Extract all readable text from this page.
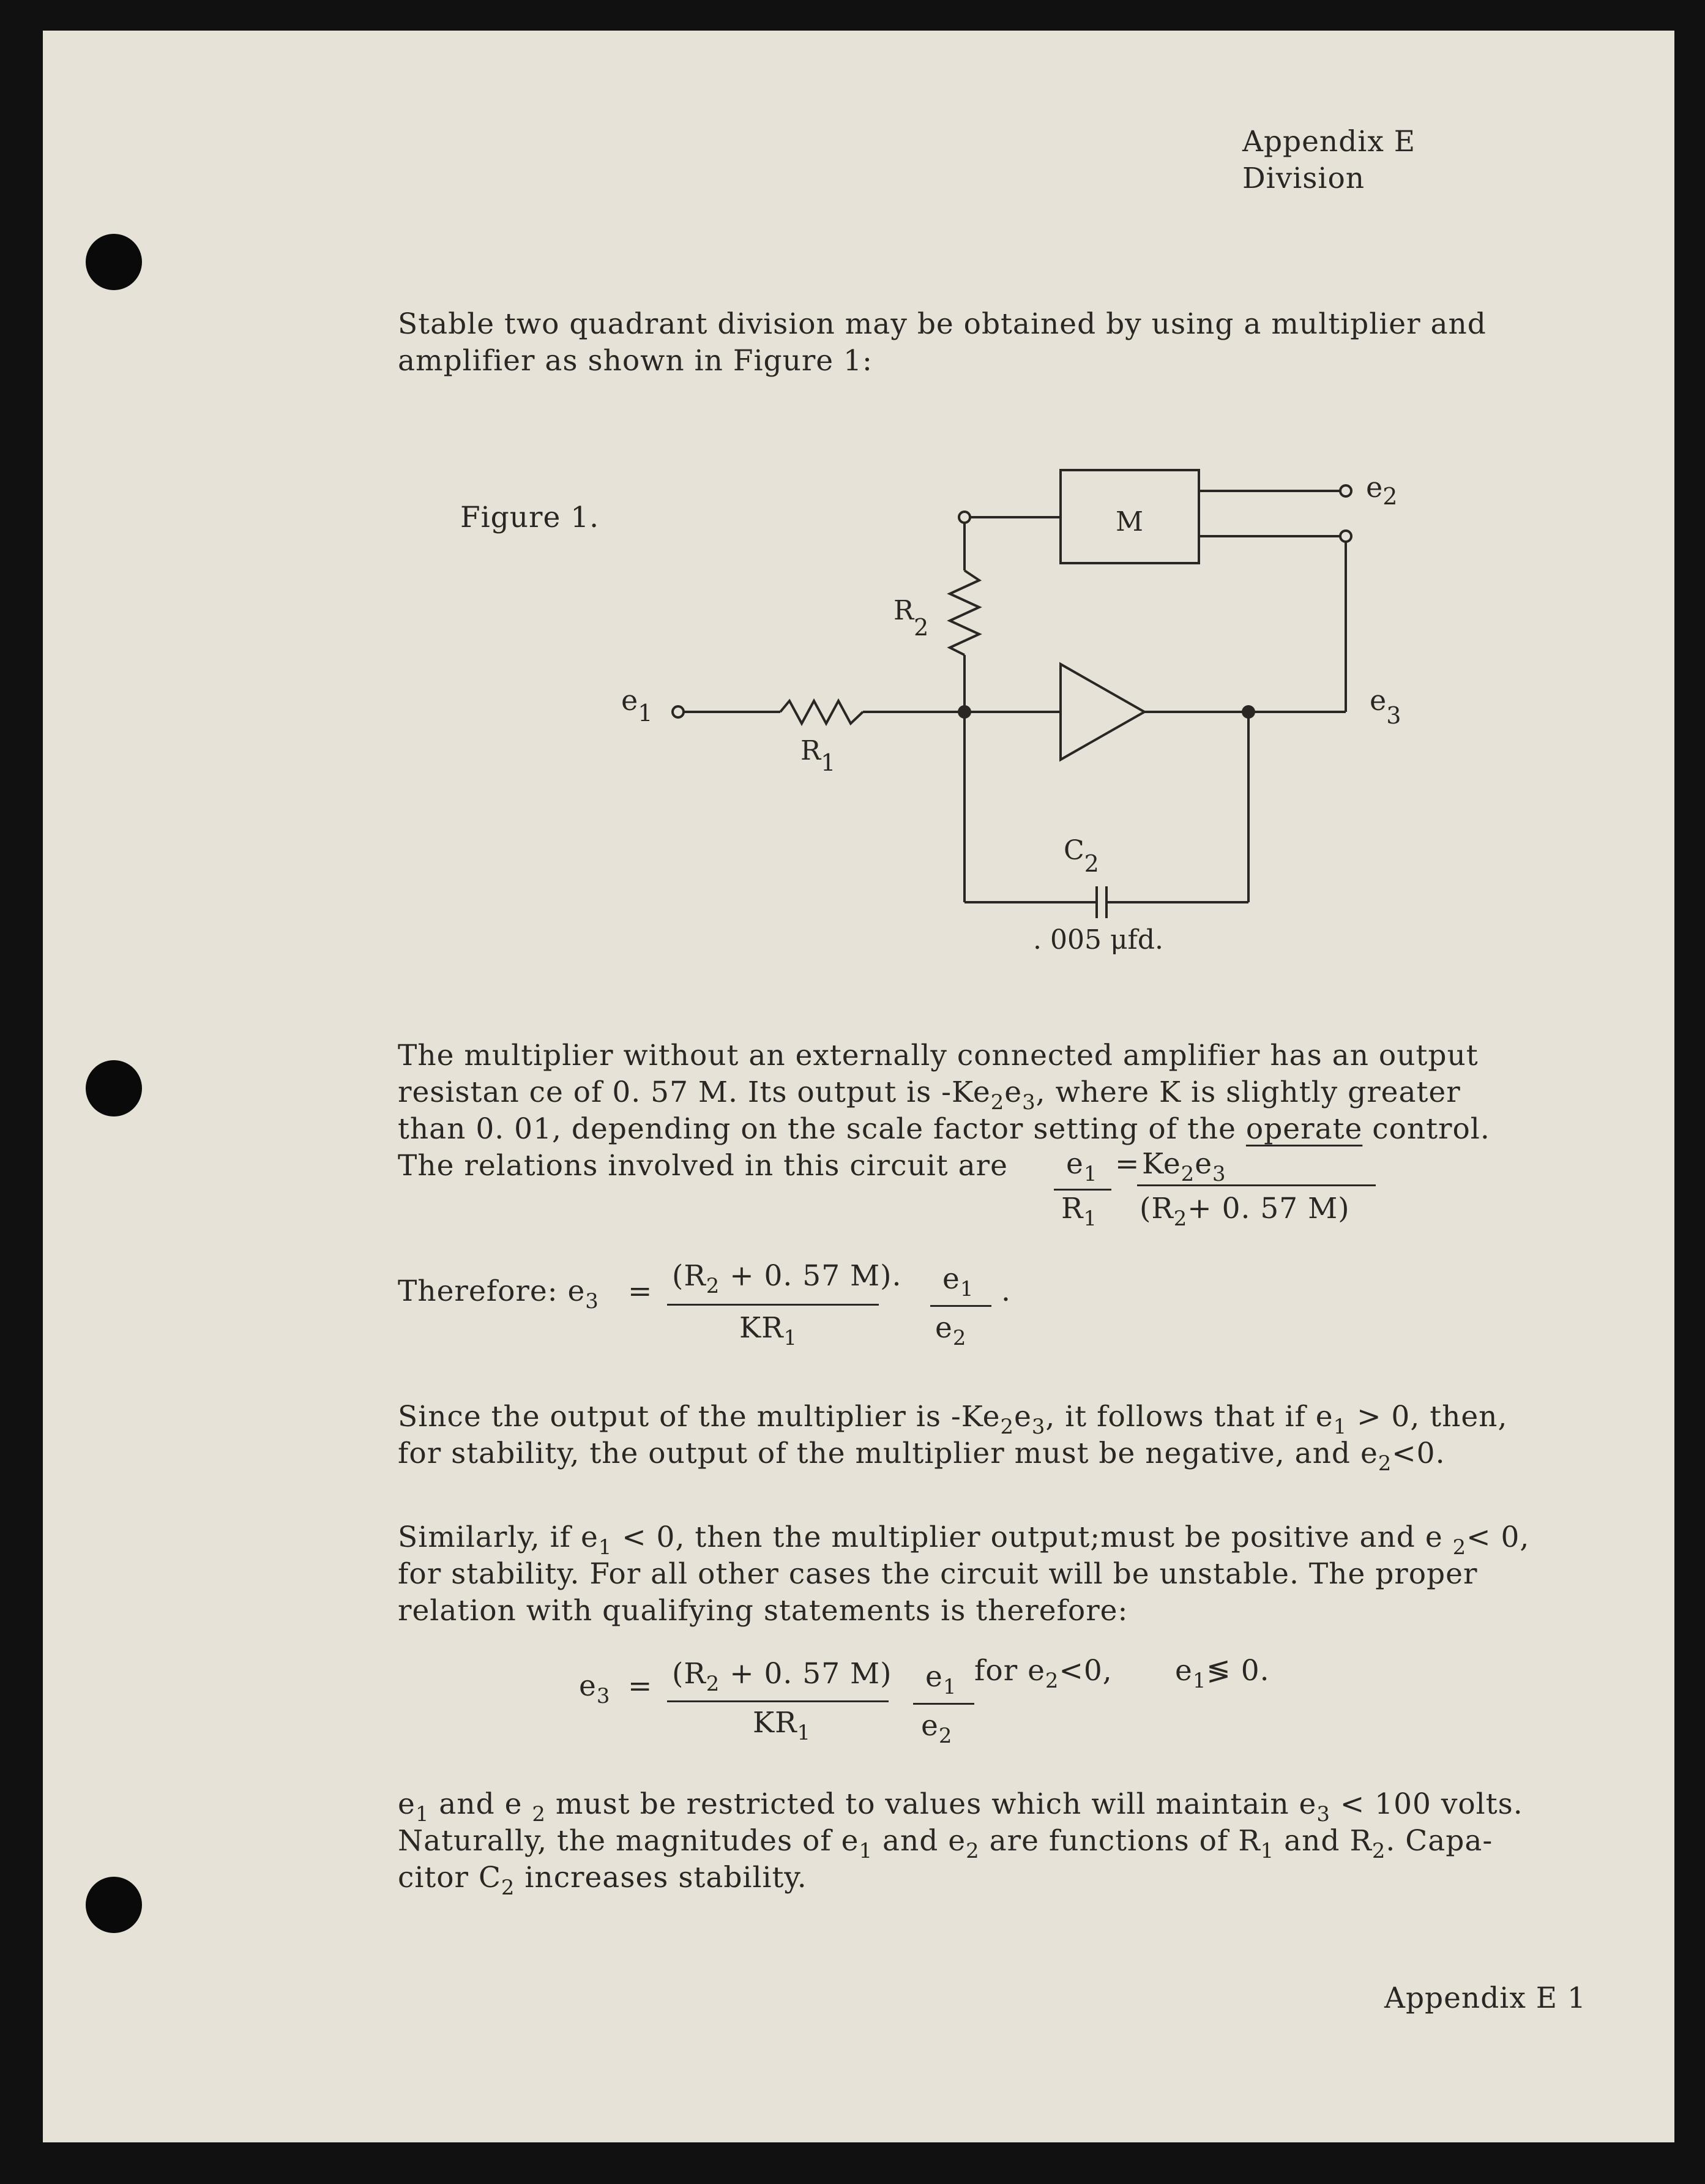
Appendix E
Division
Stable two quadrant division may be obtained by using a multiplier and
amplifier as shown in Figure 1:
Figure 1.	M
$e_2$
$e_3$
$e_1$
R2
R1
C2
. 005 μfd.
The multiplier without an externally connected amplifier has an output
resistan ce of 0. 57 M. Its output is $-Ke_2e_3$, where K is slightly greater
than 0. 01, depending on the scale factor setting of the operate control.
The relations involved in this circuit are $e_1 = Ke_2e_3$
$R_1$ ($R_2+ 0$. 57 M)
Therefore: $e_3 = (R_2 + 0$. 57 M).
$KR_1$
$e_1$
$e_2$
.
Since the output of the multiplier is $-Ke_2e_3$, it follows that if $e_1 > 0$, then,
for stability, the output of the multiplier must be negative, and $e_2<0$.
Similarly, if $e_1 < 0$, then the multiplier output;must be positive and e $_2$< 0,
for stability. For all other cases the circuit will be unstable. The proper
relation with qualifying statements is therefore:
$e_3 = (R_2 + 0$. 57 M)
$KR_1$
$e_1$
$e_2$
for $e_2<0$, $e_1≶$ 0.
$e_1$ and e $_2$ must be restricted to values which will maintain $e_3 < 100$ volts.
Naturally, the magnitudes of $e_1$ and $e_2$ are functions of $R_1$ and $R_2$. Capa-
citor $C_2$ increases stability.
Appendix E 1
